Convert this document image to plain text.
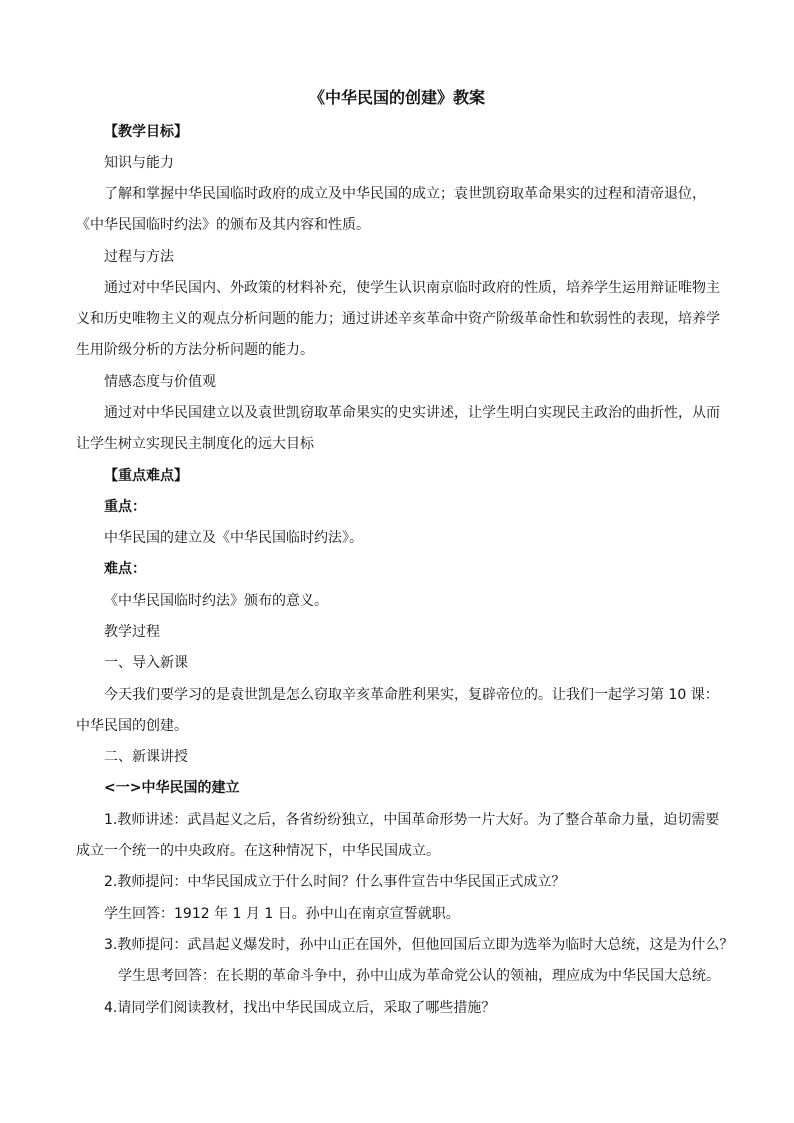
《中华民国的创建》教案
【教学目标】
知识与能力
了解和掌握中华民国临时政府的成立及中华民国的成立；袁世凯窃取革命果实的过程和清帝退位，
《中华民国临时约法》的颁布及其内容和性质。
过程与方法
通过对中华民国内、外政策的材料补充，使学生认识南京临时政府的性质，培养学生运用辩证唯物主
义和历史唯物主义的观点分析问题的能力；通过讲述辛亥革命中资产阶级革命性和软弱性的表现，培养学
生用阶级分析的方法分析问题的能力。
情感态度与价值观
通过对中华民国建立以及袁世凯窃取革命果实的史实讲述，让学生明白实现民主政治的曲折性，从而
让学生树立实现民主制度化的远大目标
【重点难点】
重点：
中华民国的建立及《中华民国临时约法》。
难点：
《中华民国临时约法》颁布的意义。
教学过程
一、导入新课
今天我们要学习的是袁世凯是怎么窃取辛亥革命胜利果实，复辟帝位的。让我们一起学习第 10 课：
中华民国的创建。
二、新课讲授
<一>中华民国的建立
1.教师讲述：武昌起义之后，各省纷纷独立，中国革命形势一片大好。为了整合革命力量，迫切需要
成立一个统一的中央政府。在这种情况下，中华民国成立。
2.教师提问：中华民国成立于什么时间？什么事件宣告中华民国正式成立？
学生回答：1912 年 1 月 1 日。孙中山在南京宣誓就职。
3.教师提问：武昌起义爆发时，孙中山正在国外，但他回国后立即为选举为临时大总统，这是为什么？
学生思考回答：在长期的革命斗争中，孙中山成为革命党公认的领袖，理应成为中华民国大总统。
4.请同学们阅读教材，找出中华民国成立后，采取了哪些措施？
